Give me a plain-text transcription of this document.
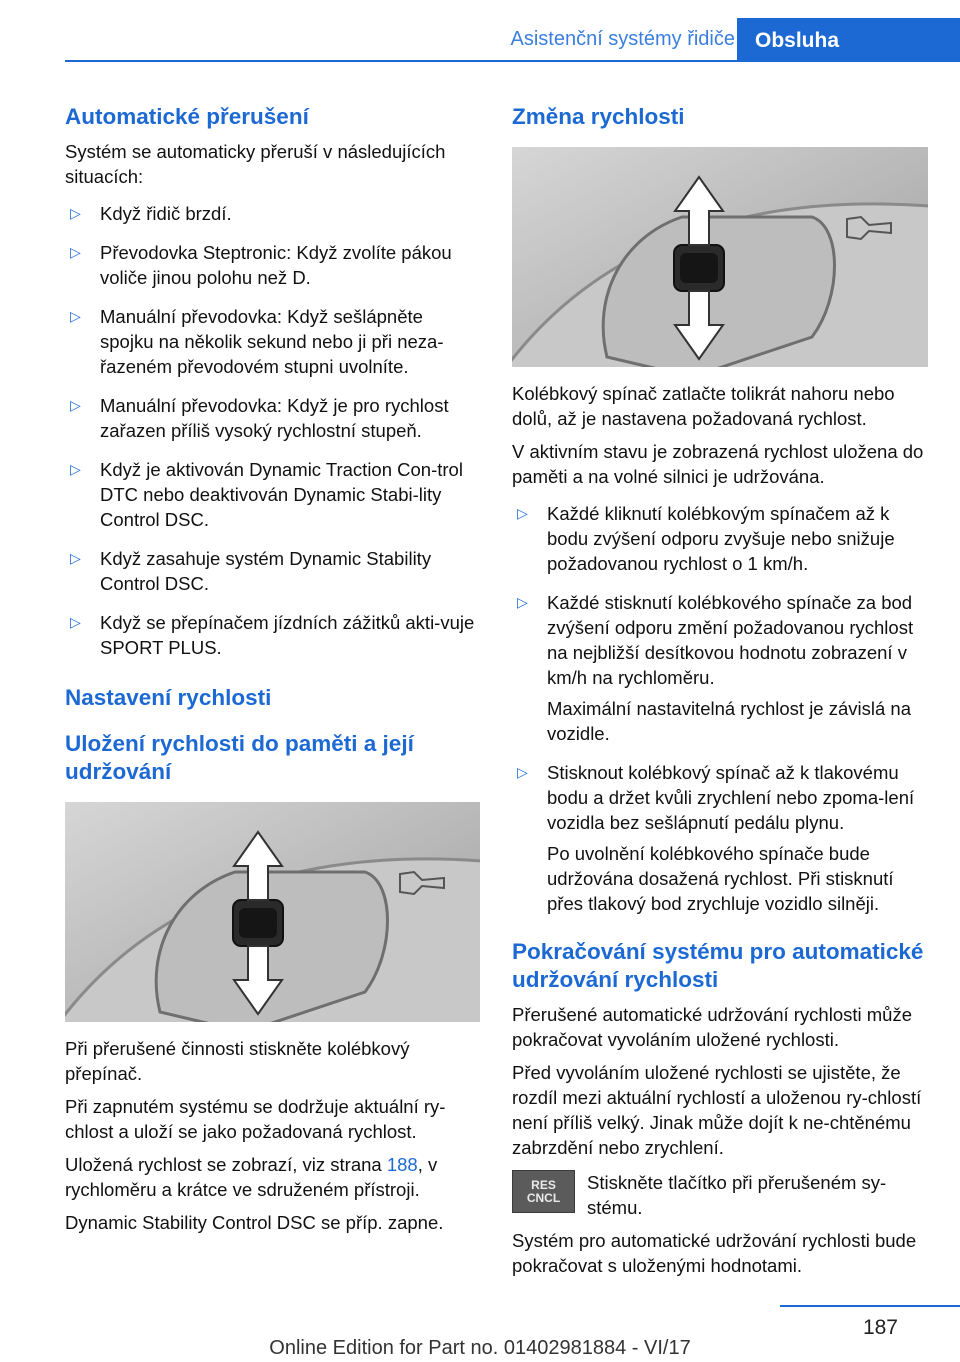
Asistenční systémy řidiče Obsluha
Automatické přerušení

Systém se automaticky přeruší v následujících situacích:

▷ Když řidič brzdí.
▷ Převodovka Steptronic: Když zvolíte pákou voliče jinou polohu než D.
▷ Manuální převodovka: Když sešlápněte spojku na několik sekund nebo ji při neza-řazeném převodovém stupni uvolníte.
▷ Manuální převodovka: Když je pro rychlost zařazen příliš vysoký rychlostní stupeň.
▷ Když je aktivován Dynamic Traction Con-trol DTC nebo deaktivován Dynamic Stabi-lity Control DSC.
▷ Když zasahuje systém Dynamic Stability Control DSC.
▷ Když se přepínačem jízdních zážitků akti-vuje SPORT PLUS.
Nastavení rychlosti
Uložení rychlosti do paměti a její udržování

Při přerušené činnosti stiskněte kolébkový přepínač.

Při zapnutém systému se dodržuje aktuální ry-chlost a uloží se jako požadovaná rychlost.

Uložená rychlost se zobrazí, viz strana 188, v rychloměru a krátce ve sdruženém přístroji.

Dynamic Stability Control DSC se příp. zapne.

Změna rychlosti

Kolébkový spínač zatlačte tolikrát nahoru nebo dolů, až je nastavena požadovaná rychlost.

V aktivním stavu je zobrazená rychlost uložena do paměti a na volné silnici je udržována.

▷ Každé kliknutí kolébkovým spínačem až k bodu zvýšení odporu zvyšuje nebo snižuje požadovanou rychlost o 1 km/h.
▷ Každé stisknutí kolébkového spínače za bod zvýšení odporu změní požadovanou rychlost na nejbližší desítkovou hodnotu zobrazení v km/h na rychloměru.
Maximální nastavitelná rychlost je závislá na vozidle.
▷ Stisknout kolébkový spínač až k tlakovému bodu a držet kvůli zrychlení nebo zpoma-lení vozidla bez sešlápnutí pedálu plynu.
Po uvolnění kolébkového spínače bude udržována dosažená rychlost. Při stisknutí přes tlakový bod zrychluje vozidlo silněji.
Pokračování systému pro automatické udržování rychlosti

Přerušené automatické udržování rychlosti může pokračovat vyvoláním uložené rychlosti.

Před vyvoláním uložené rychlosti se ujistěte, že rozdíl mezi aktuální rychlostí a uloženou ry-chlostí není příliš velký. Jinak může dojít k ne-chtěnému zabrzdění nebo zrychlení.

RES
CNCL

Stiskněte tlačítko při přerušeném sy-stému.

Systém pro automatické udržování rychlosti bude pokračovat s uloženými hodnotami.

187
Online Edition for Part no. 01402981884 - VI/17
